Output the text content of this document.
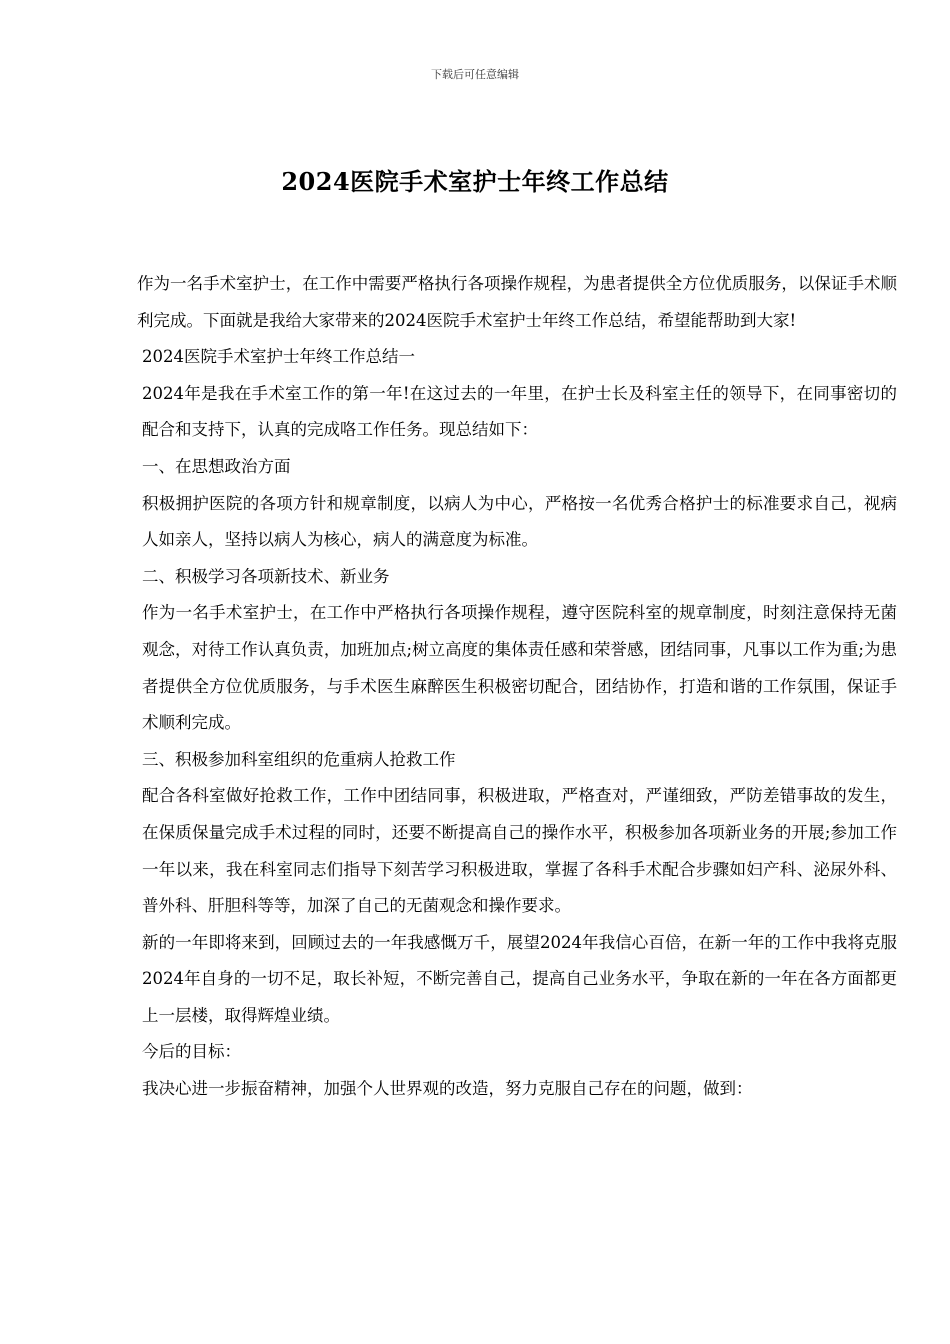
下载后可任意编辑
2024医院手术室护士年终工作总结

作为一名手术室护士，在工作中需要严格执行各项操作规程，为患者提供全方位优质服务，以保证手术顺利完成。下面就是我给大家带来的2024医院手术室护士年终工作总结，希望能帮助到大家!

2024医院手术室护士年终工作总结一

2024年是我在手术室工作的第一年!在这过去的一年里，在护士长及科室主任的领导下，在同事密切的配合和支持下，认真的完成咯工作任务。现总结如下：

一、在思想政治方面

积极拥护医院的各项方针和规章制度，以病人为中心，严格按一名优秀合格护士的标准要求自己，视病人如亲人，坚持以病人为核心，病人的满意度为标准。

二、积极学习各项新技术、新业务

作为一名手术室护士，在工作中严格执行各项操作规程，遵守医院科室的规章制度，时刻注意保持无菌观念，对待工作认真负责，加班加点;树立高度的集体责任感和荣誉感，团结同事，凡事以工作为重;为患者提供全方位优质服务，与手术医生麻醉医生积极密切配合，团结协作，打造和谐的工作氛围，保证手术顺利完成。

三、积极参加科室组织的危重病人抢救工作

配合各科室做好抢救工作，工作中团结同事，积极进取，严格查对，严谨细致，严防差错事故的发生，在保质保量完成手术过程的同时，还要不断提高自己的操作水平，积极参加各项新业务的开展;参加工作一年以来，我在科室同志们指导下刻苦学习积极进取，掌握了各科手术配合步骤如妇产科、泌尿外科、普外科、肝胆科等等，加深了自己的无菌观念和操作要求。

新的一年即将来到，回顾过去的一年我感慨万千，展望2024年我信心百倍，在新一年的工作中我将克服2024年自身的一切不足，取长补短，不断完善自己，提高自己业务水平，争取在新的一年在各方面都更上一层楼，取得辉煌业绩。

今后的目标：

我决心进一步振奋精神，加强个人世界观的改造，努力克服自己存在的问题，做到：
